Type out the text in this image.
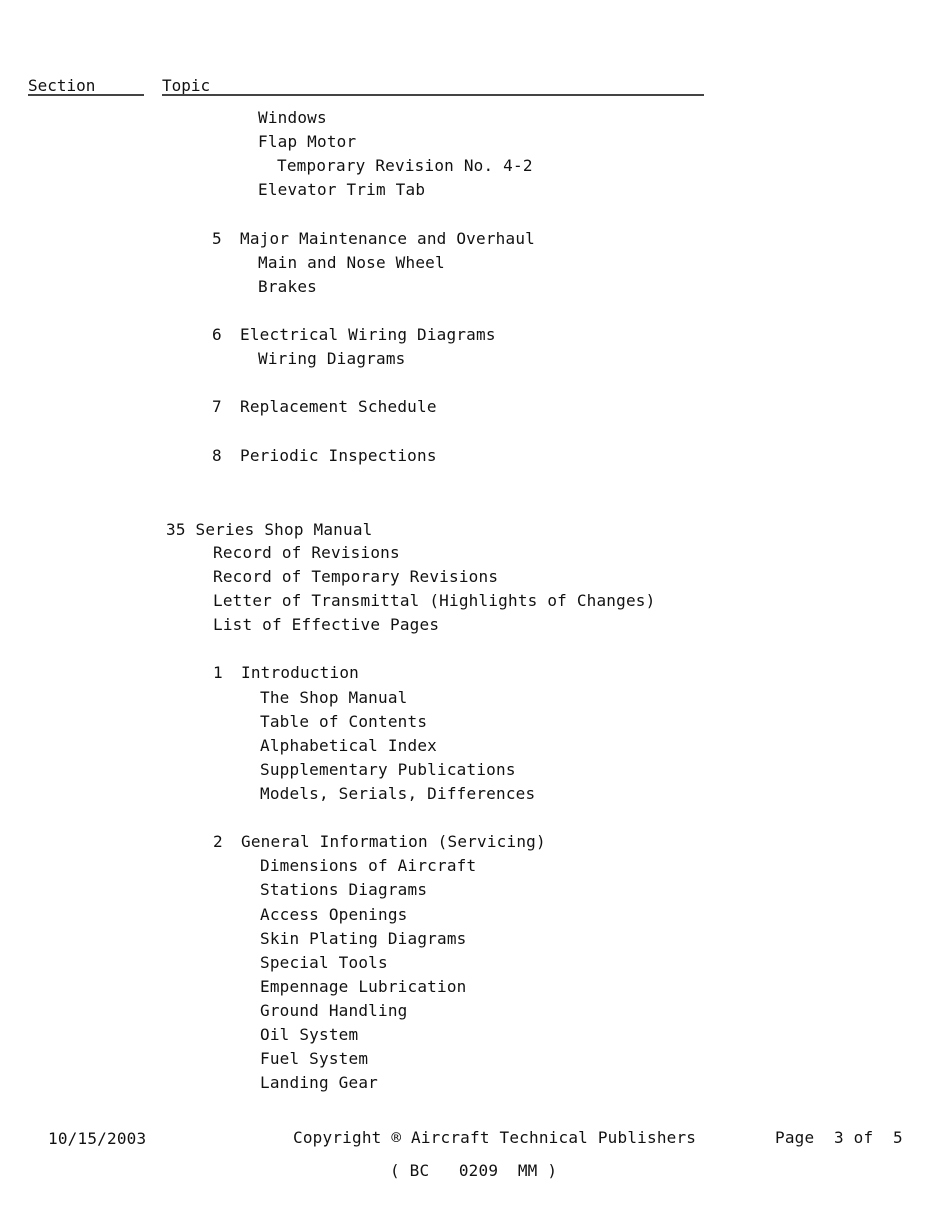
Section	Topic
Windows
Flap Motor
Temporary Revision No. 4-2
Elevator Trim Tab
5 Major Maintenance and Overhaul
Main and Nose Wheel
Brakes
6 Electrical Wiring Diagrams
Wiring Diagrams
7 Replacement Schedule
8 Periodic Inspections
35 Series Shop Manual
Record of Revisions
Record of Temporary Revisions
Letter of Transmittal (Highlights of Changes)
List of Effective Pages
1 Introduction
The Shop Manual
Table of Contents
Alphabetical Index
Supplementary Publications
Models, Serials, Differences
2 General Information (Servicing)
Dimensions of Aircraft
Stations Diagrams
Access Openings
Skin Plating Diagrams
Special Tools
Empennage Lubrication
Ground Handling
Oil System
Fuel System
Landing Gear
10/15/2003	Copyright ® Aircraft Technical Publishers	Page  3 of  5
( BC   0209  MM )
